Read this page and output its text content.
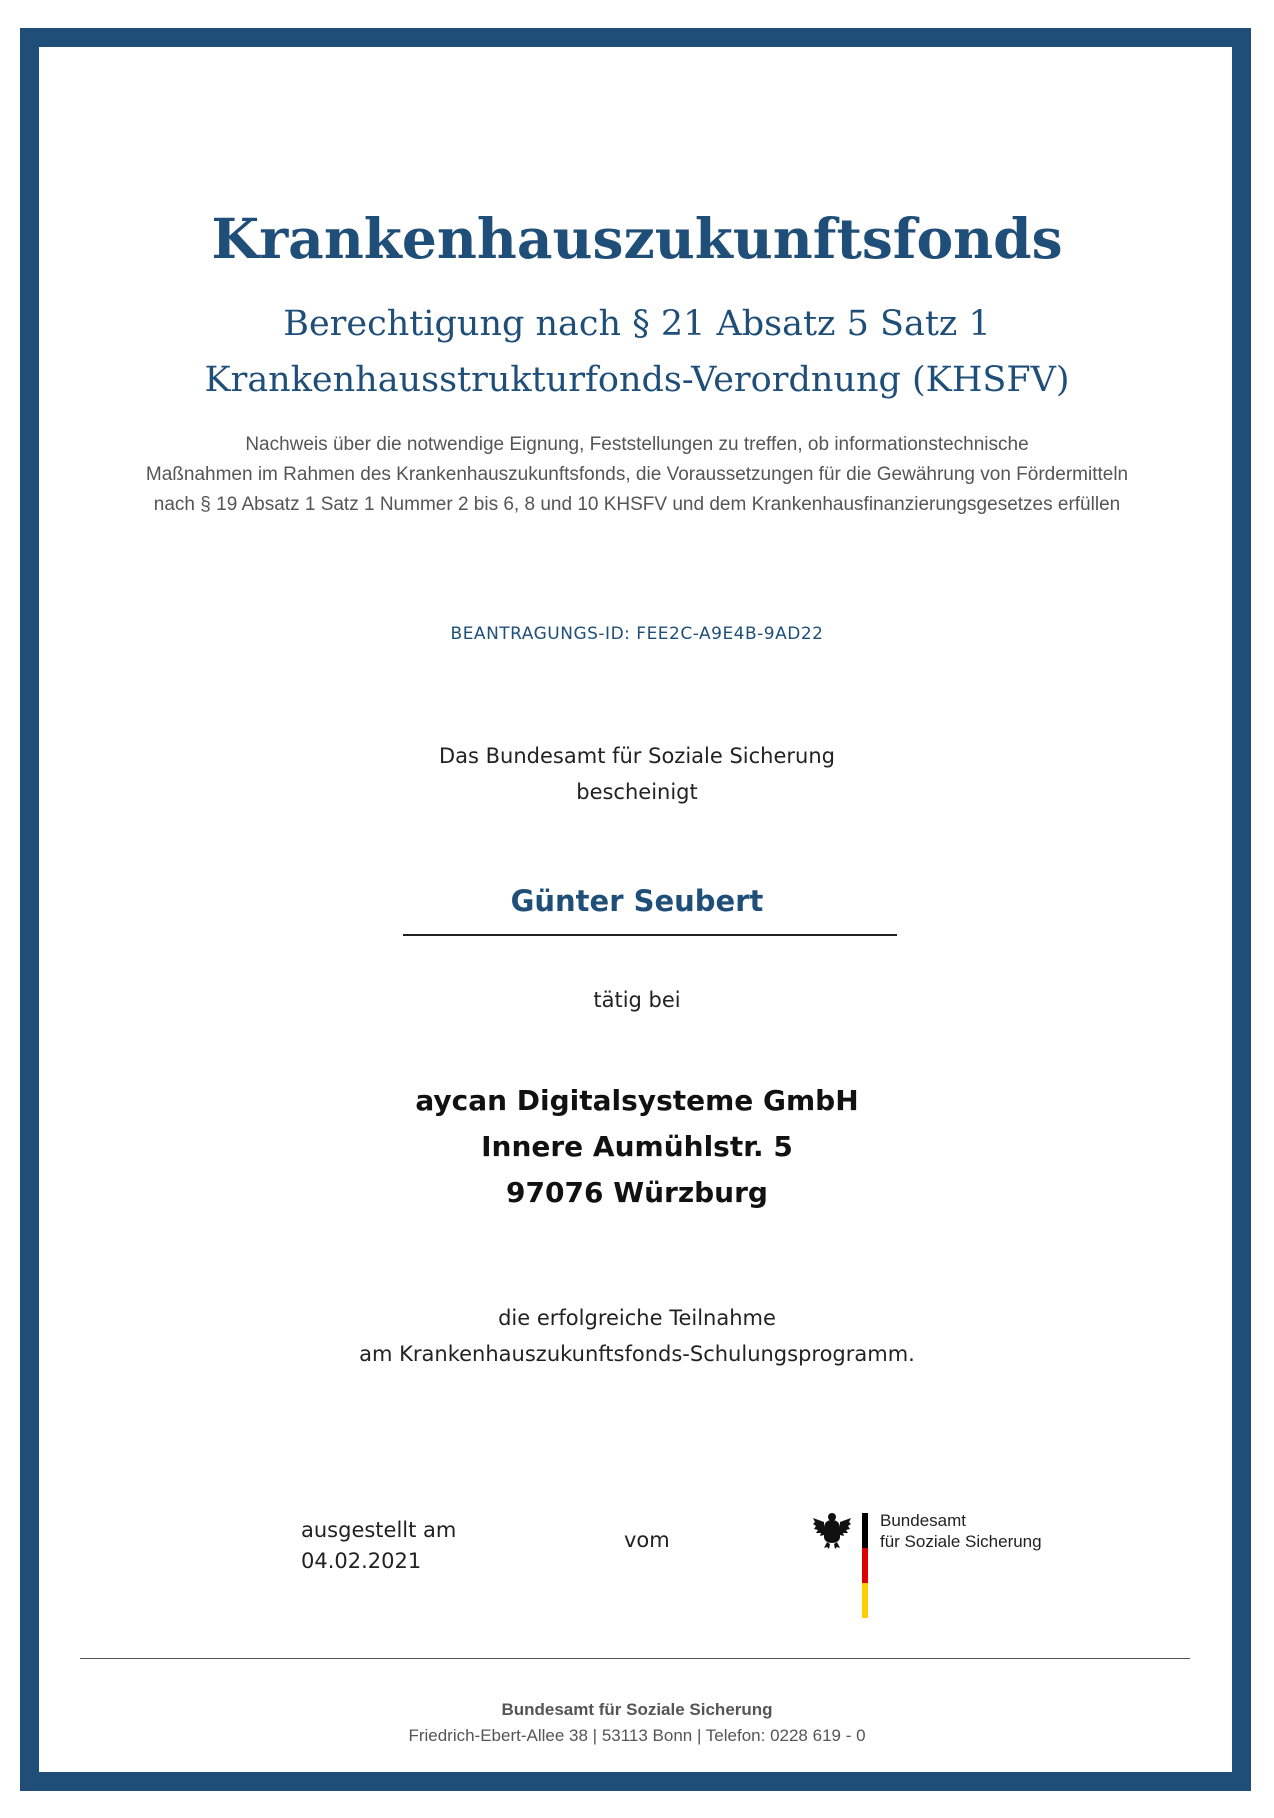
Krankenhauszukunftsfonds
Berechtigung nach § 21 Absatz 5 Satz 1
Krankenhausstrukturfonds-Verordnung (KHSFV)
Nachweis über die notwendige Eignung, Feststellungen zu treffen, ob informationstechnische
Maßnahmen im Rahmen des Krankenhauszukunftsfonds, die Voraussetzungen für die Gewährung von Fördermitteln
nach § 19 Absatz 1 Satz 1 Nummer 2 bis 6, 8 und 10 KHSFV und dem Krankenhausfinanzierungsgesetzes erfüllen
BEANTRAGUNGS-ID: FEE2C-A9E4B-9AD22
Das Bundesamt für Soziale Sicherung
bescheinigt
Günter Seubert
tätig bei
aycan Digitalsysteme GmbH
Innere Aumühlstr. 5
97076 Würzburg
die erfolgreiche Teilnahme
am Krankenhauszukunftsfonds-Schulungsprogramm.
ausgestellt am
04.02.2021
vom
Bundesamt
für Soziale Sicherung
Bundesamt für Soziale Sicherung
Friedrich-Ebert-Allee 38 | 53113 Bonn | Telefon: 0228 619 - 0
